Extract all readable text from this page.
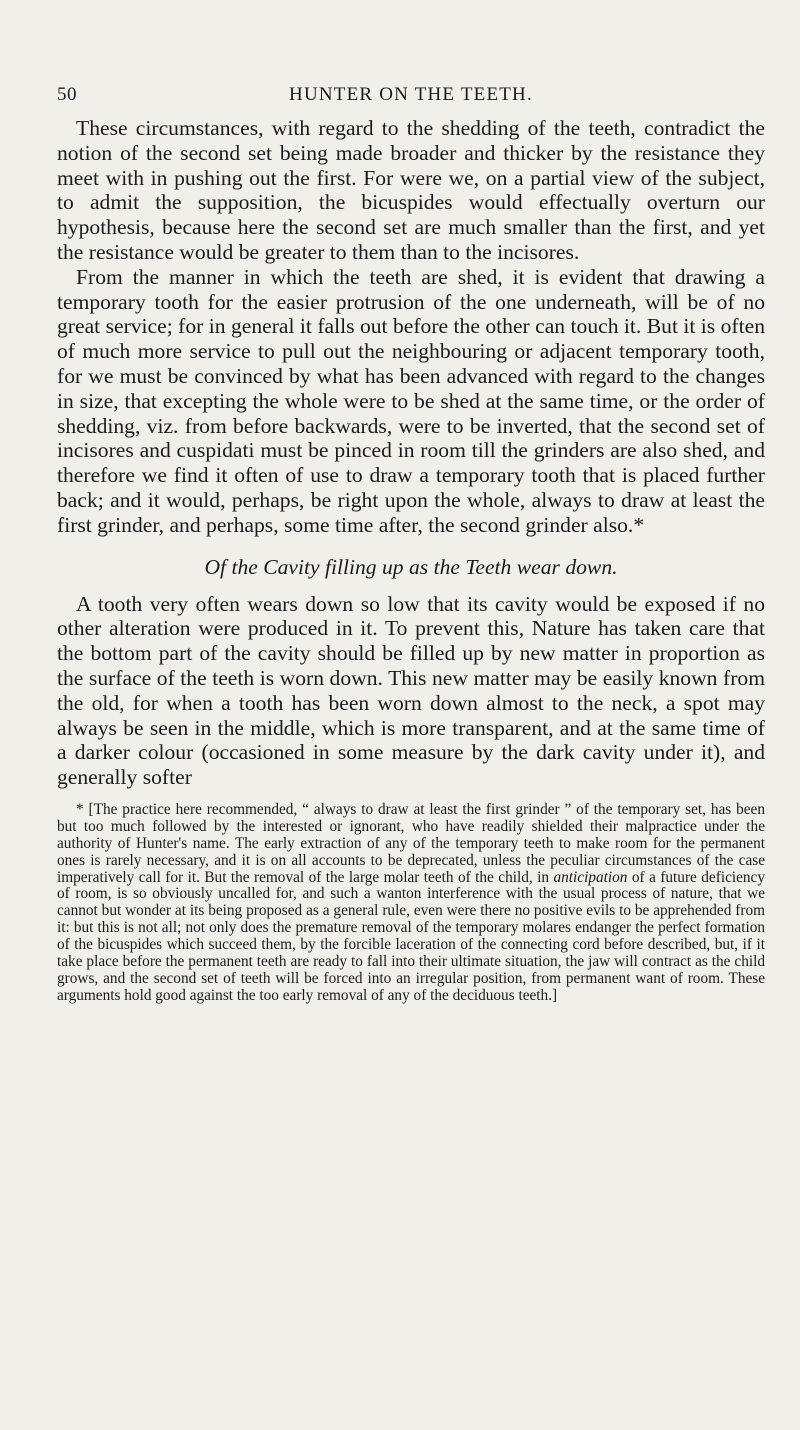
50	HUNTER ON THE TEETH.

These circumstances, with regard to the shedding of the teeth, contradict the notion of the second set being made broader and thicker by the resistance they meet with in pushing out the first. For were we, on a partial view of the subject, to admit the supposition, the bicuspides would effectually overturn our hypothesis, because here the second set are much smaller than the first, and yet the resistance would be greater to them than to the incisores.

From the manner in which the teeth are shed, it is evident that drawing a temporary tooth for the easier protrusion of the one underneath, will be of no great service; for in general it falls out before the other can touch it. But it is often of much more service to pull out the neighbouring or adjacent temporary tooth, for we must be convinced by what has been advanced with regard to the changes in size, that excepting the whole were to be shed at the same time, or the order of shedding, viz. from before backwards, were to be inverted, that the second set of incisores and cuspidati must be pinced in room till the grinders are also shed, and therefore we find it often of use to draw a temporary tooth that is placed further back; and it would, perhaps, be right upon the whole, always to draw at least the first grinder, and perhaps, some time after, the second grinder also.*

Of the Cavity filling up as the Teeth wear down.

A tooth very often wears down so low that its cavity would be exposed if no other alteration were produced in it. To prevent this, Nature has taken care that the bottom part of the cavity should be filled up by new matter in proportion as the surface of the teeth is worn down. This new matter may be easily known from the old, for when a tooth has been worn down almost to the neck, a spot may always be seen in the middle, which is more transparent, and at the same time of a darker colour (occasioned in some measure by the dark cavity under it), and generally softer

* [The practice here recommended, “ always to draw at least the first grinder ” of the temporary set, has been but too much followed by the interested or ignorant, who have readily shielded their malpractice under the authority of Hunter's name. The early extraction of any of the temporary teeth to make room for the permanent ones is rarely necessary, and it is on all accounts to be deprecated, unless the peculiar circumstances of the case imperatively call for it. But the removal of the large molar teeth of the child, in anticipation of a future deficiency of room, is so obviously uncalled for, and such a wanton interference with the usual process of nature, that we cannot but wonder at its being proposed as a general rule, even were there no positive evils to be apprehended from it: but this is not all; not only does the premature removal of the temporary molares endanger the perfect formation of the bicuspides which succeed them, by the forcible laceration of the connecting cord before described, but, if it take place before the permanent teeth are ready to fall into their ultimate situation, the jaw will contract as the child grows, and the second set of teeth will be forced into an irregular position, from permanent want of room. These arguments hold good against the too early removal of any of the deciduous teeth.]
